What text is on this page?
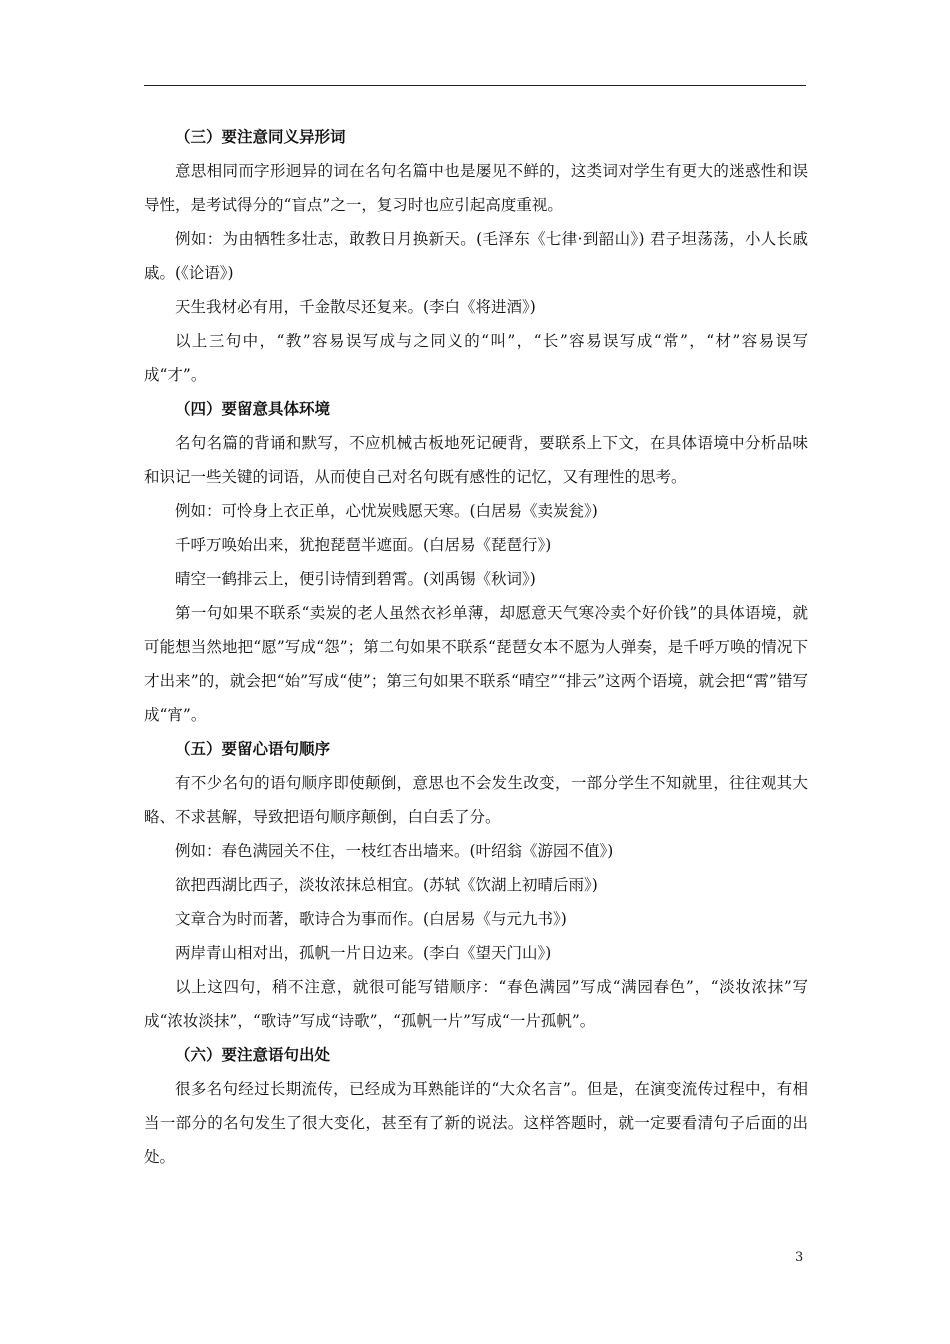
（三）要注意同义异形词

意思相同而字形迥异的词在名句名篇中也是屡见不鲜的，这类词对学生有更大的迷惑性和误导性，是考试得分的“盲点”之一，复习时也应引起高度重视。

例如：为由牺牲多壮志，敢教日月换新天。(毛泽东《七律·到韶山》) 君子坦荡荡，小人长戚戚。(《论语》)

天生我材必有用，千金散尽还复来。(李白《将进酒》)

以上三句中，“教”容易误写成与之同义的“叫”，“长”容易误写成“常”，“材”容易误写成“才”。

（四）要留意具体环境

名句名篇的背诵和默写，不应机械古板地死记硬背，要联系上下文，在具体语境中分析品味和识记一些关键的词语，从而使自己对名句既有感性的记忆，又有理性的思考。

例如：可怜身上衣正单，心忧炭贱愿天寒。(白居易《卖炭瓮》)

千呼万唤始出来，犹抱琵琶半遮面。(白居易《琵琶行》)

晴空一鹤排云上，便引诗情到碧霄。(刘禹锡《秋词》)

第一句如果不联系“卖炭的老人虽然衣衫单薄，却愿意天气寒冷卖个好价钱”的具体语境，就可能想当然地把“愿”写成“怨”；第二句如果不联系“琵琶女本不愿为人弹奏，是千呼万唤的情况下才出来”的，就会把“始”写成“使”；第三句如果不联系“晴空”“排云”这两个语境，就会把“霄”错写成“宵”。

（五）要留心语句顺序

有不少名句的语句顺序即使颠倒，意思也不会发生改变，一部分学生不知就里，往往观其大略、不求甚解，导致把语句顺序颠倒，白白丢了分。

例如：春色满园关不住，一枝红杏出墙来。(叶绍翁《游园不值》)

欲把西湖比西子，淡妆浓抹总相宜。(苏轼《饮湖上初晴后雨》)

文章合为时而著，歌诗合为事而作。(白居易《与元九书》)

两岸青山相对出，孤帆一片日边来。(李白《望天门山》)

以上这四句，稍不注意，就很可能写错顺序：“春色满园”写成“满园春色”，“淡妆浓抹”写成“浓妆淡抹”，“歌诗”写成“诗歌”，“孤帆一片”写成“一片孤帆”。

（六）要注意语句出处

很多名句经过长期流传，已经成为耳熟能详的“大众名言”。但是，在演变流传过程中，有相当一部分的名句发生了很大变化，甚至有了新的说法。这样答题时，就一定要看清句子后面的出处。

3
